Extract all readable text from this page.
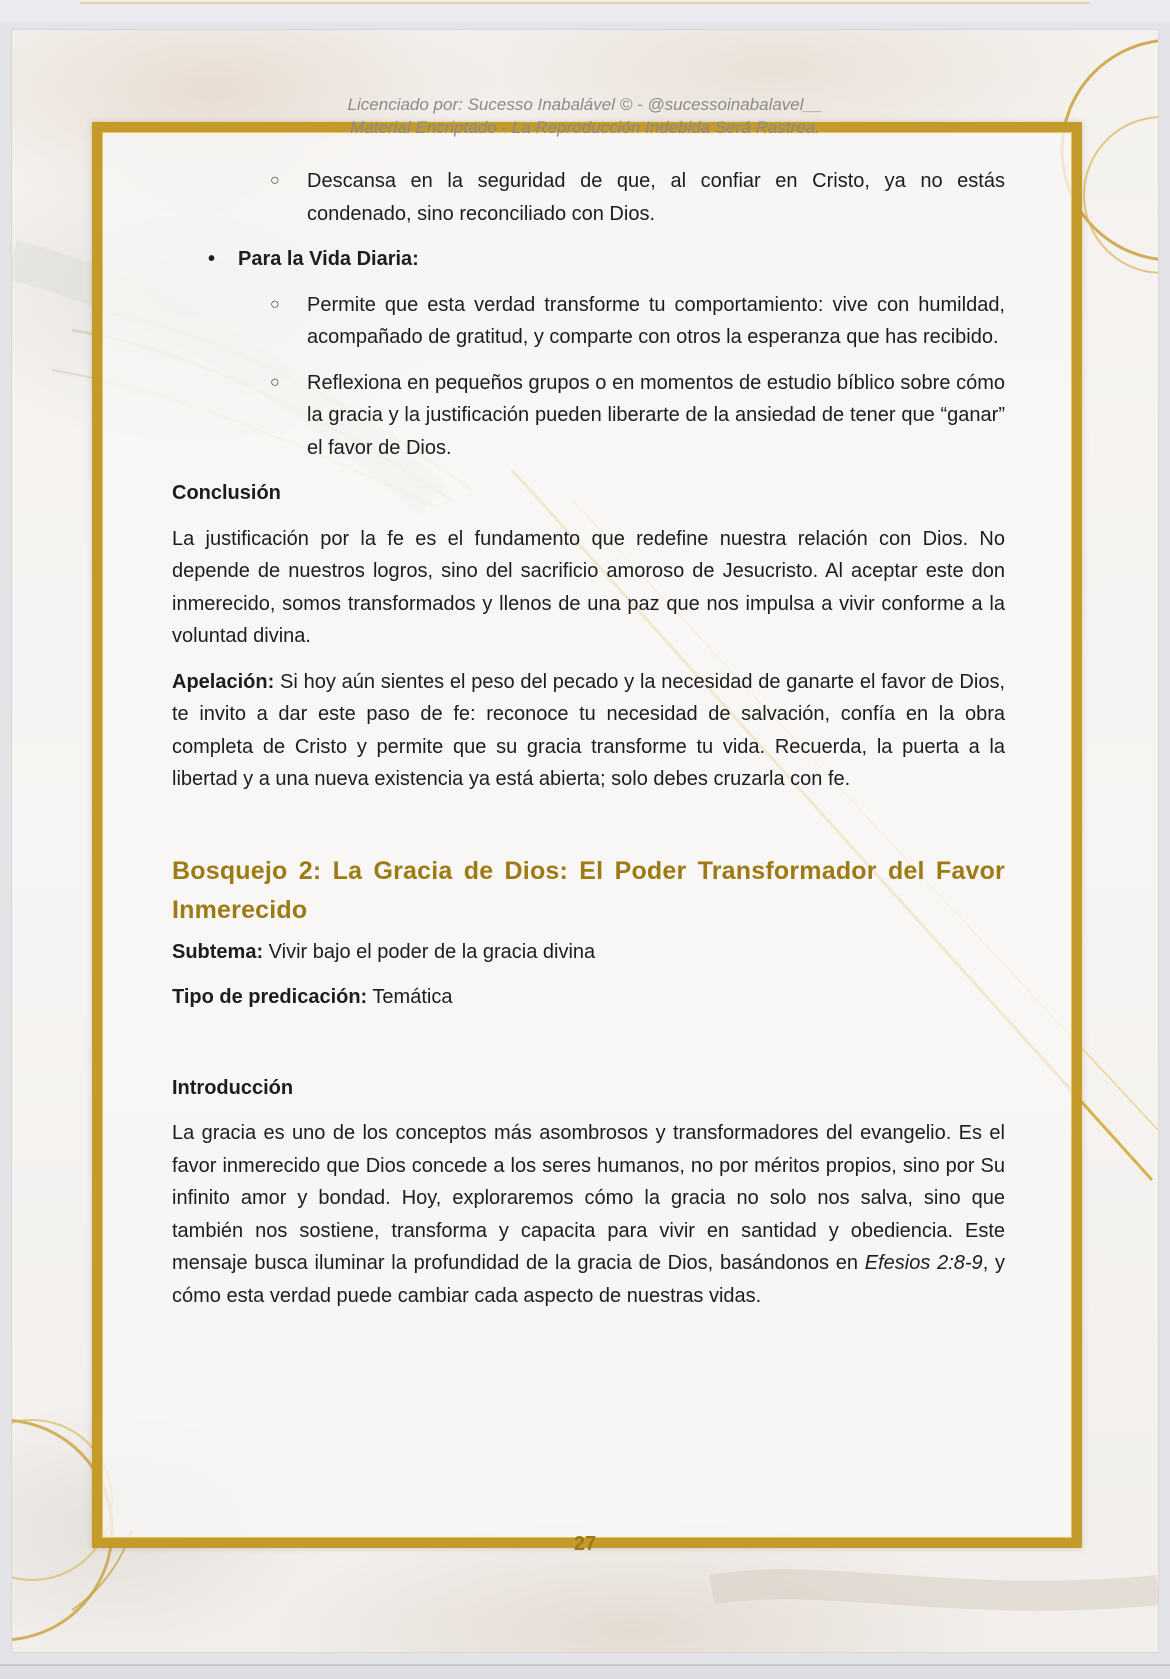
Licenciado por: Sucesso Inabalável © - @sucessoinabalavel__
Material Encriptado - La Reproducción Indebida Será Rastrea.

○ Descansa en la seguridad de que, al confiar en Cristo, ya no estás condenado, sino reconciliado con Dios.

• Para la Vida Diaria:

○ Permite que esta verdad transforme tu comportamiento: vive con humildad, acompañado de gratitud, y comparte con otros la esperanza que has recibido.

○ Reflexiona en pequeños grupos o en momentos de estudio bíblico sobre cómo la gracia y la justificación pueden liberarte de la ansiedad de tener que “ganar” el favor de Dios.

Conclusión

La justificación por la fe es el fundamento que redefine nuestra relación con Dios. No depende de nuestros logros, sino del sacrificio amoroso de Jesucristo. Al aceptar este don inmerecido, somos transformados y llenos de una paz que nos impulsa a vivir conforme a la voluntad divina.

Apelación: Si hoy aún sientes el peso del pecado y la necesidad de ganarte el favor de Dios, te invito a dar este paso de fe: reconoce tu necesidad de salvación, confía en la obra completa de Cristo y permite que su gracia transforme tu vida. Recuerda, la puerta a la libertad y a una nueva existencia ya está abierta; solo debes cruzarla con fe.

Bosquejo 2: La Gracia de Dios: El Poder Transformador del Favor Inmerecido

Subtema: Vivir bajo el poder de la gracia divina

Tipo de predicación: Temática

Introducción

La gracia es uno de los conceptos más asombrosos y transformadores del evangelio. Es el favor inmerecido que Dios concede a los seres humanos, no por méritos propios, sino por Su infinito amor y bondad. Hoy, exploraremos cómo la gracia no solo nos salva, sino que también nos sostiene, transforma y capacita para vivir en santidad y obediencia. Este mensaje busca iluminar la profundidad de la gracia de Dios, basándonos en Efesios 2:8-9, y cómo esta verdad puede cambiar cada aspecto de nuestras vidas.

27
